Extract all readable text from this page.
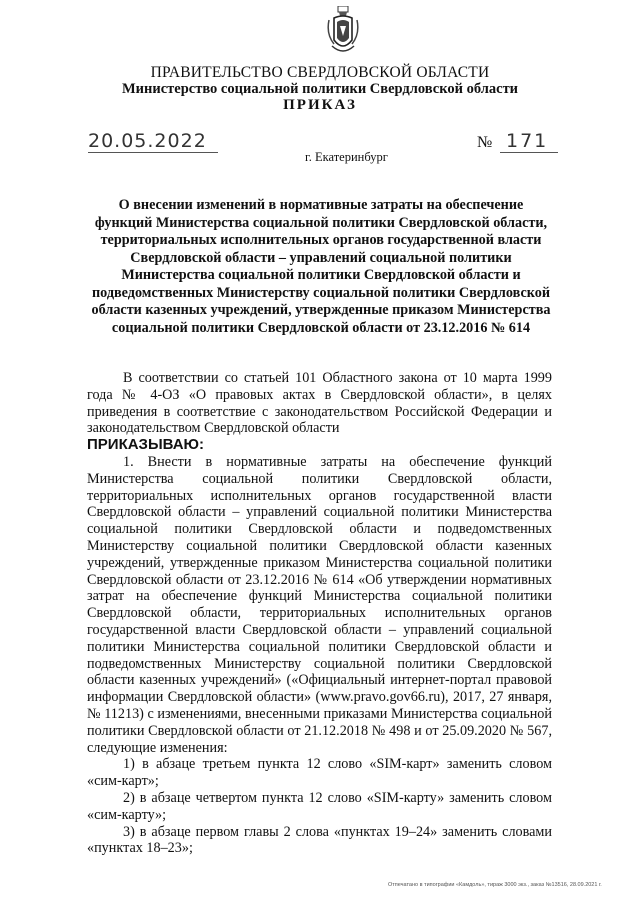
ПРАВИТЕЛЬСТВО СВЕРДЛОВСКОЙ ОБЛАСТИ
Министерство социальной политики Свердловской области
ПРИКАЗ
20.05.2022	№ 171
г. Екатеринбург
О внесении изменений в нормативные затраты на обеспечение функций Министерства социальной политики Свердловской области, территориальных исполнительных органов государственной власти Свердловской области – управлений социальной политики Министерства социальной политики Свердловской области и подведомственных Министерству социальной политики Свердловской области казенных учреждений, утвержденные приказом Министерства социальной политики Свердловской области от 23.12.2016 № 614

В соответствии со статьей 101 Областного закона от 10 марта 1999 года № 4-ОЗ «О правовых актах в Свердловской области», в целях приведения в соответствие с законодательством Российской Федерации и законодательством Свердловской области

ПРИКАЗЫВАЮ:

1. Внести в нормативные затраты на обеспечение функций Министерства социальной политики Свердловской области, территориальных исполнительных органов государственной власти Свердловской области – управлений социальной политики Министерства социальной политики Свердловской области и подведомственных Министерству социальной политики Свердловской области казенных учреждений, утвержденные приказом Министерства социальной политики Свердловской области от 23.12.2016 № 614 «Об утверждении нормативных затрат на обеспечение функций Министерства социальной политики Свердловской области, территориальных исполнительных органов государственной власти Свердловской области – управлений социальной политики Министерства социальной политики Свердловской области и подведомственных Министерству социальной политики Свердловской области казенных учреждений» («Официальный интернет-портал правовой информации Свердловской области» (www.pravo.gov66.ru), 2017, 27 января, № 11213) с изменениями, внесенными приказами Министерства социальной политики Свердловской области от 21.12.2018 № 498 и от 25.09.2020 № 567, следующие изменения:

1) в абзаце третьем пункта 12 слово «SIM-карт» заменить словом «сим-карт»;

2) в абзаце четвертом пункта 12 слово «SIM-карту» заменить словом «сим-карту»;

3) в абзаце первом главы 2 слова «пунктах 19–24» заменить словами «пунктах 18–23»;

Отпечатано в типографии «Камдоль», тираж 3000 экз., заказ №13516, 28.09.2021 г.
